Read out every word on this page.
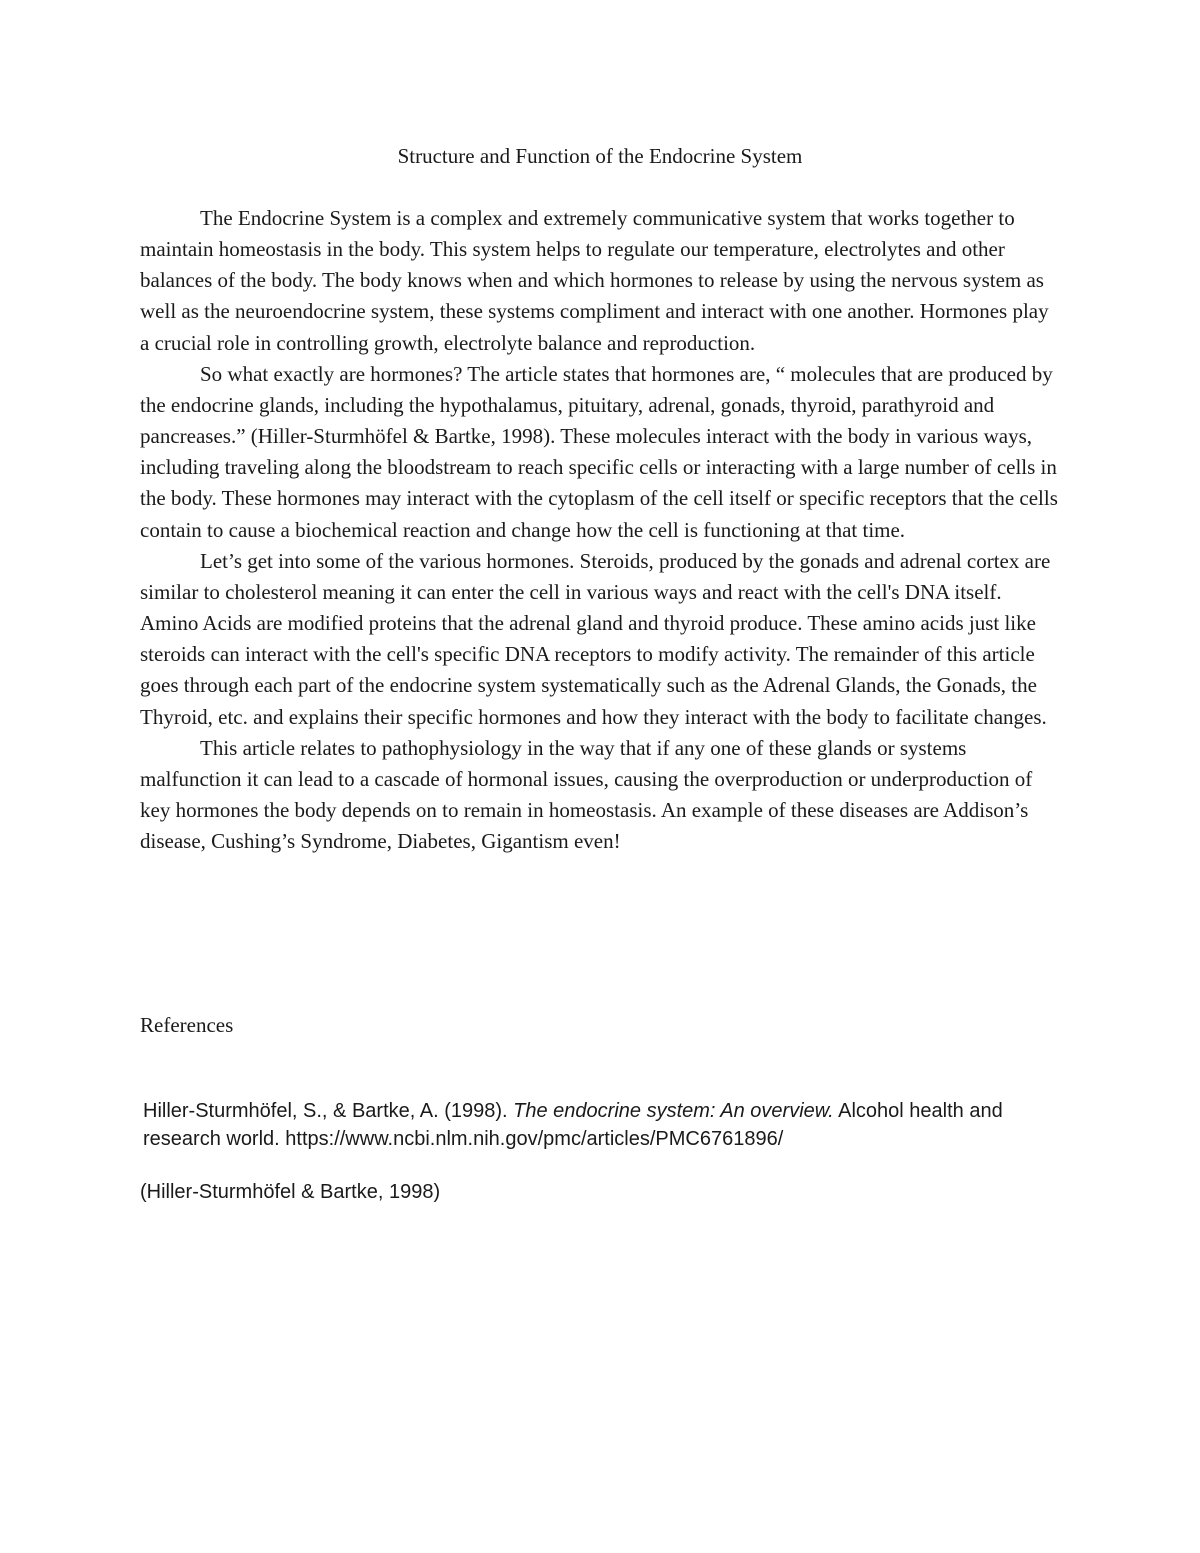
Structure and Function of the Endocrine System

The Endocrine System is a complex and extremely communicative system that works together to maintain homeostasis in the body. This system helps to regulate our temperature, electrolytes and other balances of the body. The body knows when and which hormones to release by using the nervous system as well as the neuroendocrine system, these systems compliment and interact with one another. Hormones play a crucial role in controlling growth, electrolyte balance and reproduction.

So what exactly are hormones? The article states that hormones are, “ molecules that are produced by the endocrine glands, including the hypothalamus, pituitary, adrenal, gonads, thyroid, parathyroid and pancreases.” (Hiller-Sturmhöfel & Bartke, 1998). These molecules interact with the body in various ways, including traveling along the bloodstream to reach specific cells or interacting with a large number of cells in the body. These hormones may interact with the cytoplasm of the cell itself or specific receptors that the cells contain to cause a biochemical reaction and change how the cell is functioning at that time.

Let’s get into some of the various hormones. Steroids, produced by the gonads and adrenal cortex are similar to cholesterol meaning it can enter the cell in various ways and react with the cell's DNA itself. Amino Acids are modified proteins that the adrenal gland and thyroid produce. These amino acids just like steroids can interact with the cell's specific DNA receptors to modify activity. The remainder of this article goes through each part of the endocrine system systematically such as the Adrenal Glands, the Gonads, the Thyroid, etc. and explains their specific hormones and how they interact with the body to facilitate changes.

This article relates to pathophysiology in the way that if any one of these glands or systems malfunction it can lead to a cascade of hormonal issues, causing the overproduction or underproduction of key hormones the body depends on to remain in homeostasis. An example of these diseases are Addison’s disease, Cushing’s Syndrome, Diabetes, Gigantism even!

References

Hiller-Sturmhöfel, S., & Bartke, A. (1998). The endocrine system: An overview. Alcohol health and research world. https://www.ncbi.nlm.nih.gov/pmc/articles/PMC6761896/

(Hiller-Sturmhöfel & Bartke, 1998)
